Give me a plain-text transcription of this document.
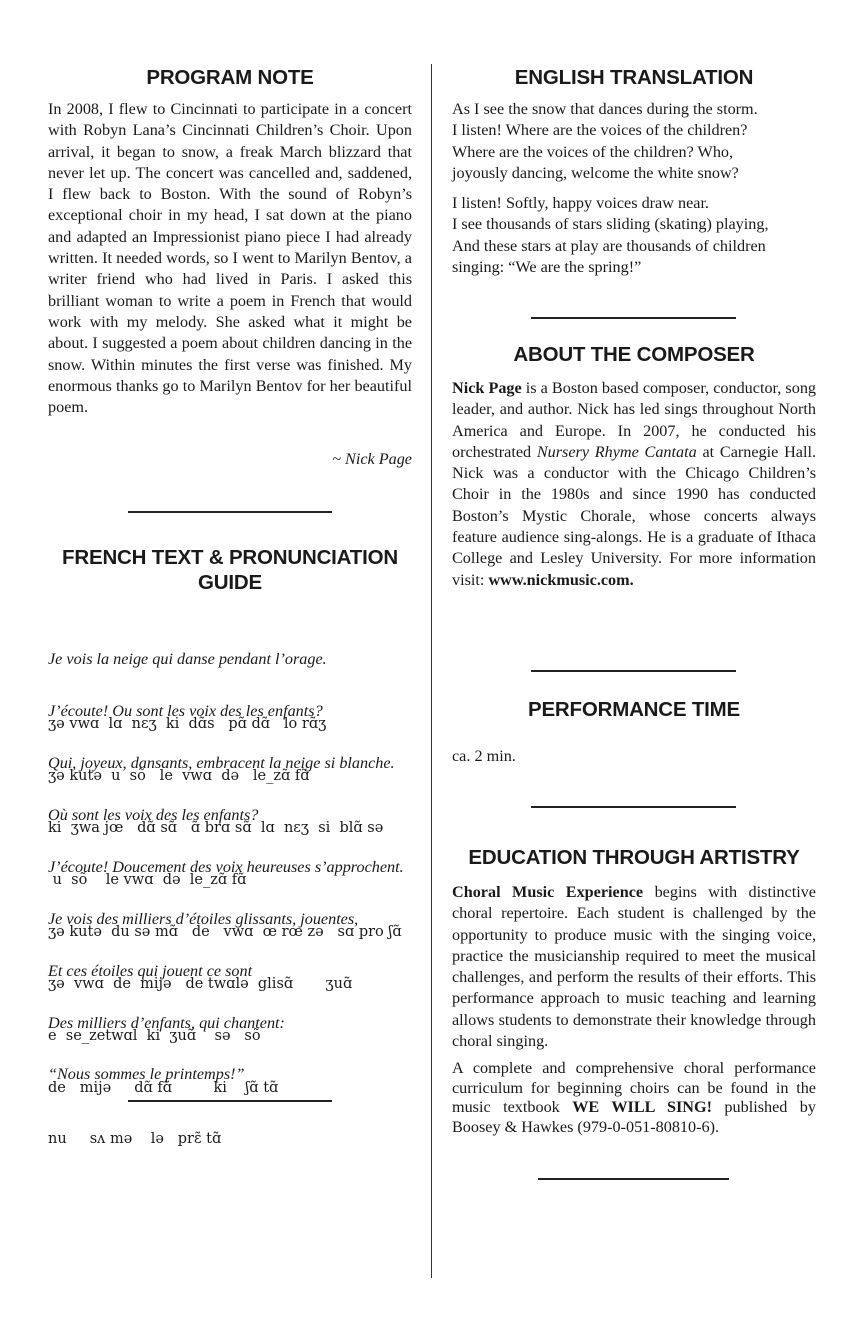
PROGRAM NOTE

In 2008, I flew to Cincinnati to participate in a concert with Robyn Lana’s Cincinnati Children’s Choir. Upon arrival, it began to snow, a freak March blizzard that never let up. The concert was cancelled and, saddened, I flew back to Boston. With the sound of Robyn’s exceptional choir in my head, I sat down at the piano and adapted an Impressionist piano piece I had already written. It needed words, so I went to Marilyn Bentov, a writer friend who had lived in Paris. I asked this brilliant woman to write a poem in French that would work with my melody. She asked what it might be about. I suggested a poem about children dancing in the snow. Within minutes the first verse was finished. My enormous thanks go to Marilyn Bentov for her beautiful poem.

~ Nick Page
FRENCH TEXT & PRONUNCIATION GUIDE

Je vois la neige qui danse pendant l’orage.

ʒə vwɑ  lɑ  nɛʒ  ki  dɑ̃s   pɑ̃ dɑ̃   lo rɑ̃ʒ

J’écoute! Ou sont les voix des les enfants?

ʒə kutə  u  sõ   le  vwɑ  də   le_zɑ̃ fɑ̃

Qui, joyeux, dansants, embracent la neige si blanche.

ki  ʒwa jœ   dɑ̃ sɑ̃   ɑ̃ brɑ sɑ̃  lɑ  nɛʒ  si  blɑ̃ sə

Où sont les voix des les enfants?

u  sõ    le vwɑ  də  le_zɑ̃ fɑ̃

J’écoute! Doucement des voix heureuses s’approchent.

ʒə kutə  du sə mɑ̃   de   vwɑ  œ rœ zə   sɑ pro ʃɑ̃

Je vois des milliers d’étoiles glissants, jouentes,

ʒə  vwɑ  de  mijə   de twɑlə  glisɑ̃       ʒuɑ̃

Et ces étoiles qui jouent ce sont

e  se_zetwɑl  ki  ʒuɑ̃    sə   sõ

Des milliers d’enfants, qui chantent:

de   mijə     dɑ̃ fɑ̃         ki    ʃɑ̃ tɑ̃

“Nous sommes le printemps!”

nu     sʌ mə    lə   prɛ̃ tɑ̃

ENGLISH TRANSLATION
As I see the snow that dances during the storm.
I listen! Where are the voices of the children?
Where are the voices of the children? Who,
joyously dancing, welcome the white snow?
I listen! Softly, happy voices draw near.
I see thousands of stars sliding (skating) playing,
And these stars at play are thousands of children
singing: “We are the spring!”
ABOUT THE COMPOSER

Nick Page is a Boston based composer, conductor, song leader, and author. Nick has led sings throughout North America and Europe. In 2007, he conducted his orchestrated Nursery Rhyme Cantata at Carnegie Hall. Nick was a conductor with the Chicago Children’s Choir in the 1980s and since 1990 has conducted Boston’s Mystic Chorale, whose concerts always feature audience sing-alongs. He is a graduate of Ithaca College and Lesley University. For more information visit: www.nickmusic.com.

PERFORMANCE TIME
ca. 2 min.
EDUCATION THROUGH ARTISTRY

Choral Music Experience begins with distinctive choral repertoire. Each student is challenged by the opportunity to produce music with the singing voice, practice the musicianship required to meet the musical challenges, and perform the results of their efforts. This performance approach to music teaching and learning allows students to demonstrate their knowledge through choral singing.

A complete and comprehensive choral performance curriculum for beginning choirs can be found in the music textbook WE WILL SING! published by Boosey & Hawkes (979-0-051-80810-6).
